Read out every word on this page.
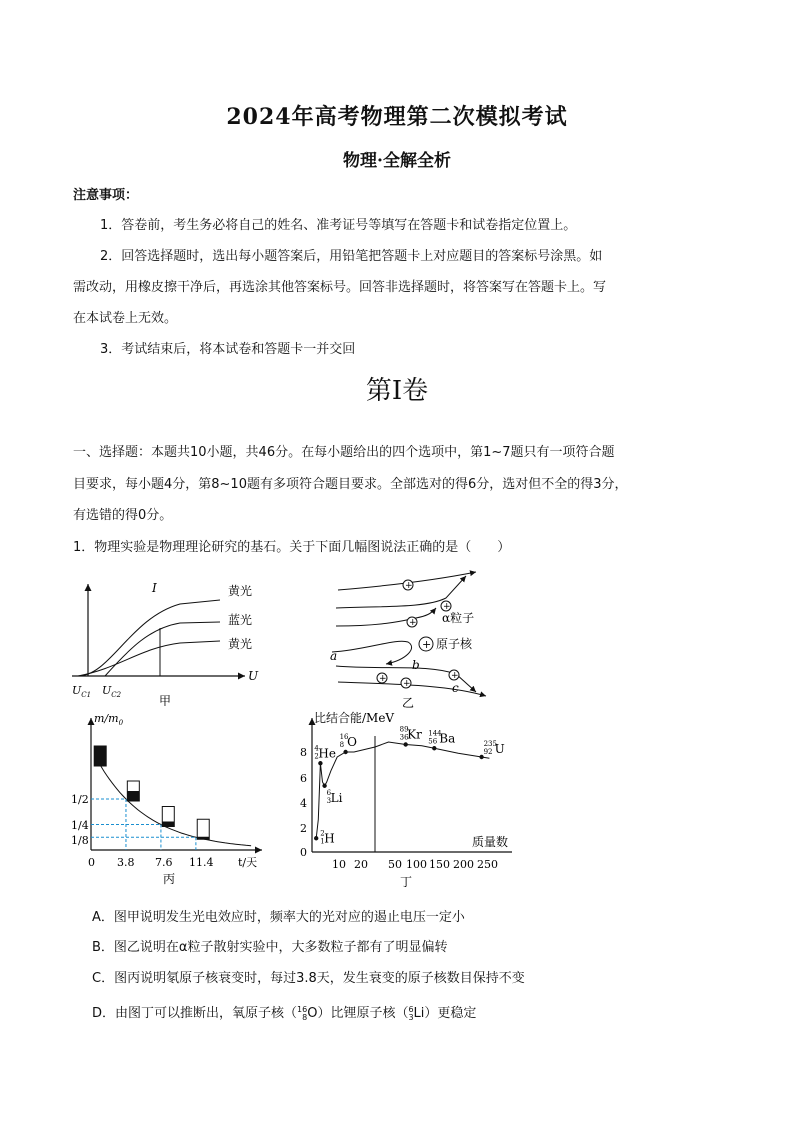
2024年高考物理第二次模拟考试
物理·全解全析
注意事项：
1．答卷前，考生务必将自己的姓名、准考证号等填写在答题卡和试卷指定位置上。
2．回答选择题时，选出每小题答案后，用铅笔把答题卡上对应题目的答案标号涂黑。如
需改动，用橡皮擦干净后，再选涂其他答案标号。回答非选择题时，将答案写在答题卡上。写
在本试卷上无效。
3．考试结束后，将本试卷和答题卡一并交回
第Ⅰ卷
一、选择题：本题共10小题，共46分。在每小题给出的四个选项中，第1~7题只有一项符合题
目要求，每小题4分，第8~10题有多项符合题目要求。全部选对的得6分，选对但不全的得3分，
有选错的得0分。
1．物理实验是物理理论研究的基石。关于下面几幅图说法正确的是（　　）
I
U
黄光
蓝光
黄光
$U_{C1}$ $U_{C2}$	甲
+
+
+
+
+ +
+
α粒子
原子核
a
b
c
乙
$m/m_0$
t/天
0 3.8 7.6 11.4
1/8
1/4
1/2
丙
比结合能/MeV
质量数
2
1 H
4
2 He
6
3 Li
16
8 O
89
36
Kr 144
56 Ba	235
92 U
0
2
4
6
8
10 20 50 100 150 200 250
丁
A．图甲说明发生光电效应时，频率大的光对应的遏止电压一定小
B．图乙说明在α粒子散射实验中，大多数粒子都有了明显偏转
C．图丙说明氡原子核衰变时，每过3.8天，发生衰变的原子核数目保持不变
D．由图丁可以推断出，氧原子核（16
8O）比锂原子核（6
3Li）更稳定
